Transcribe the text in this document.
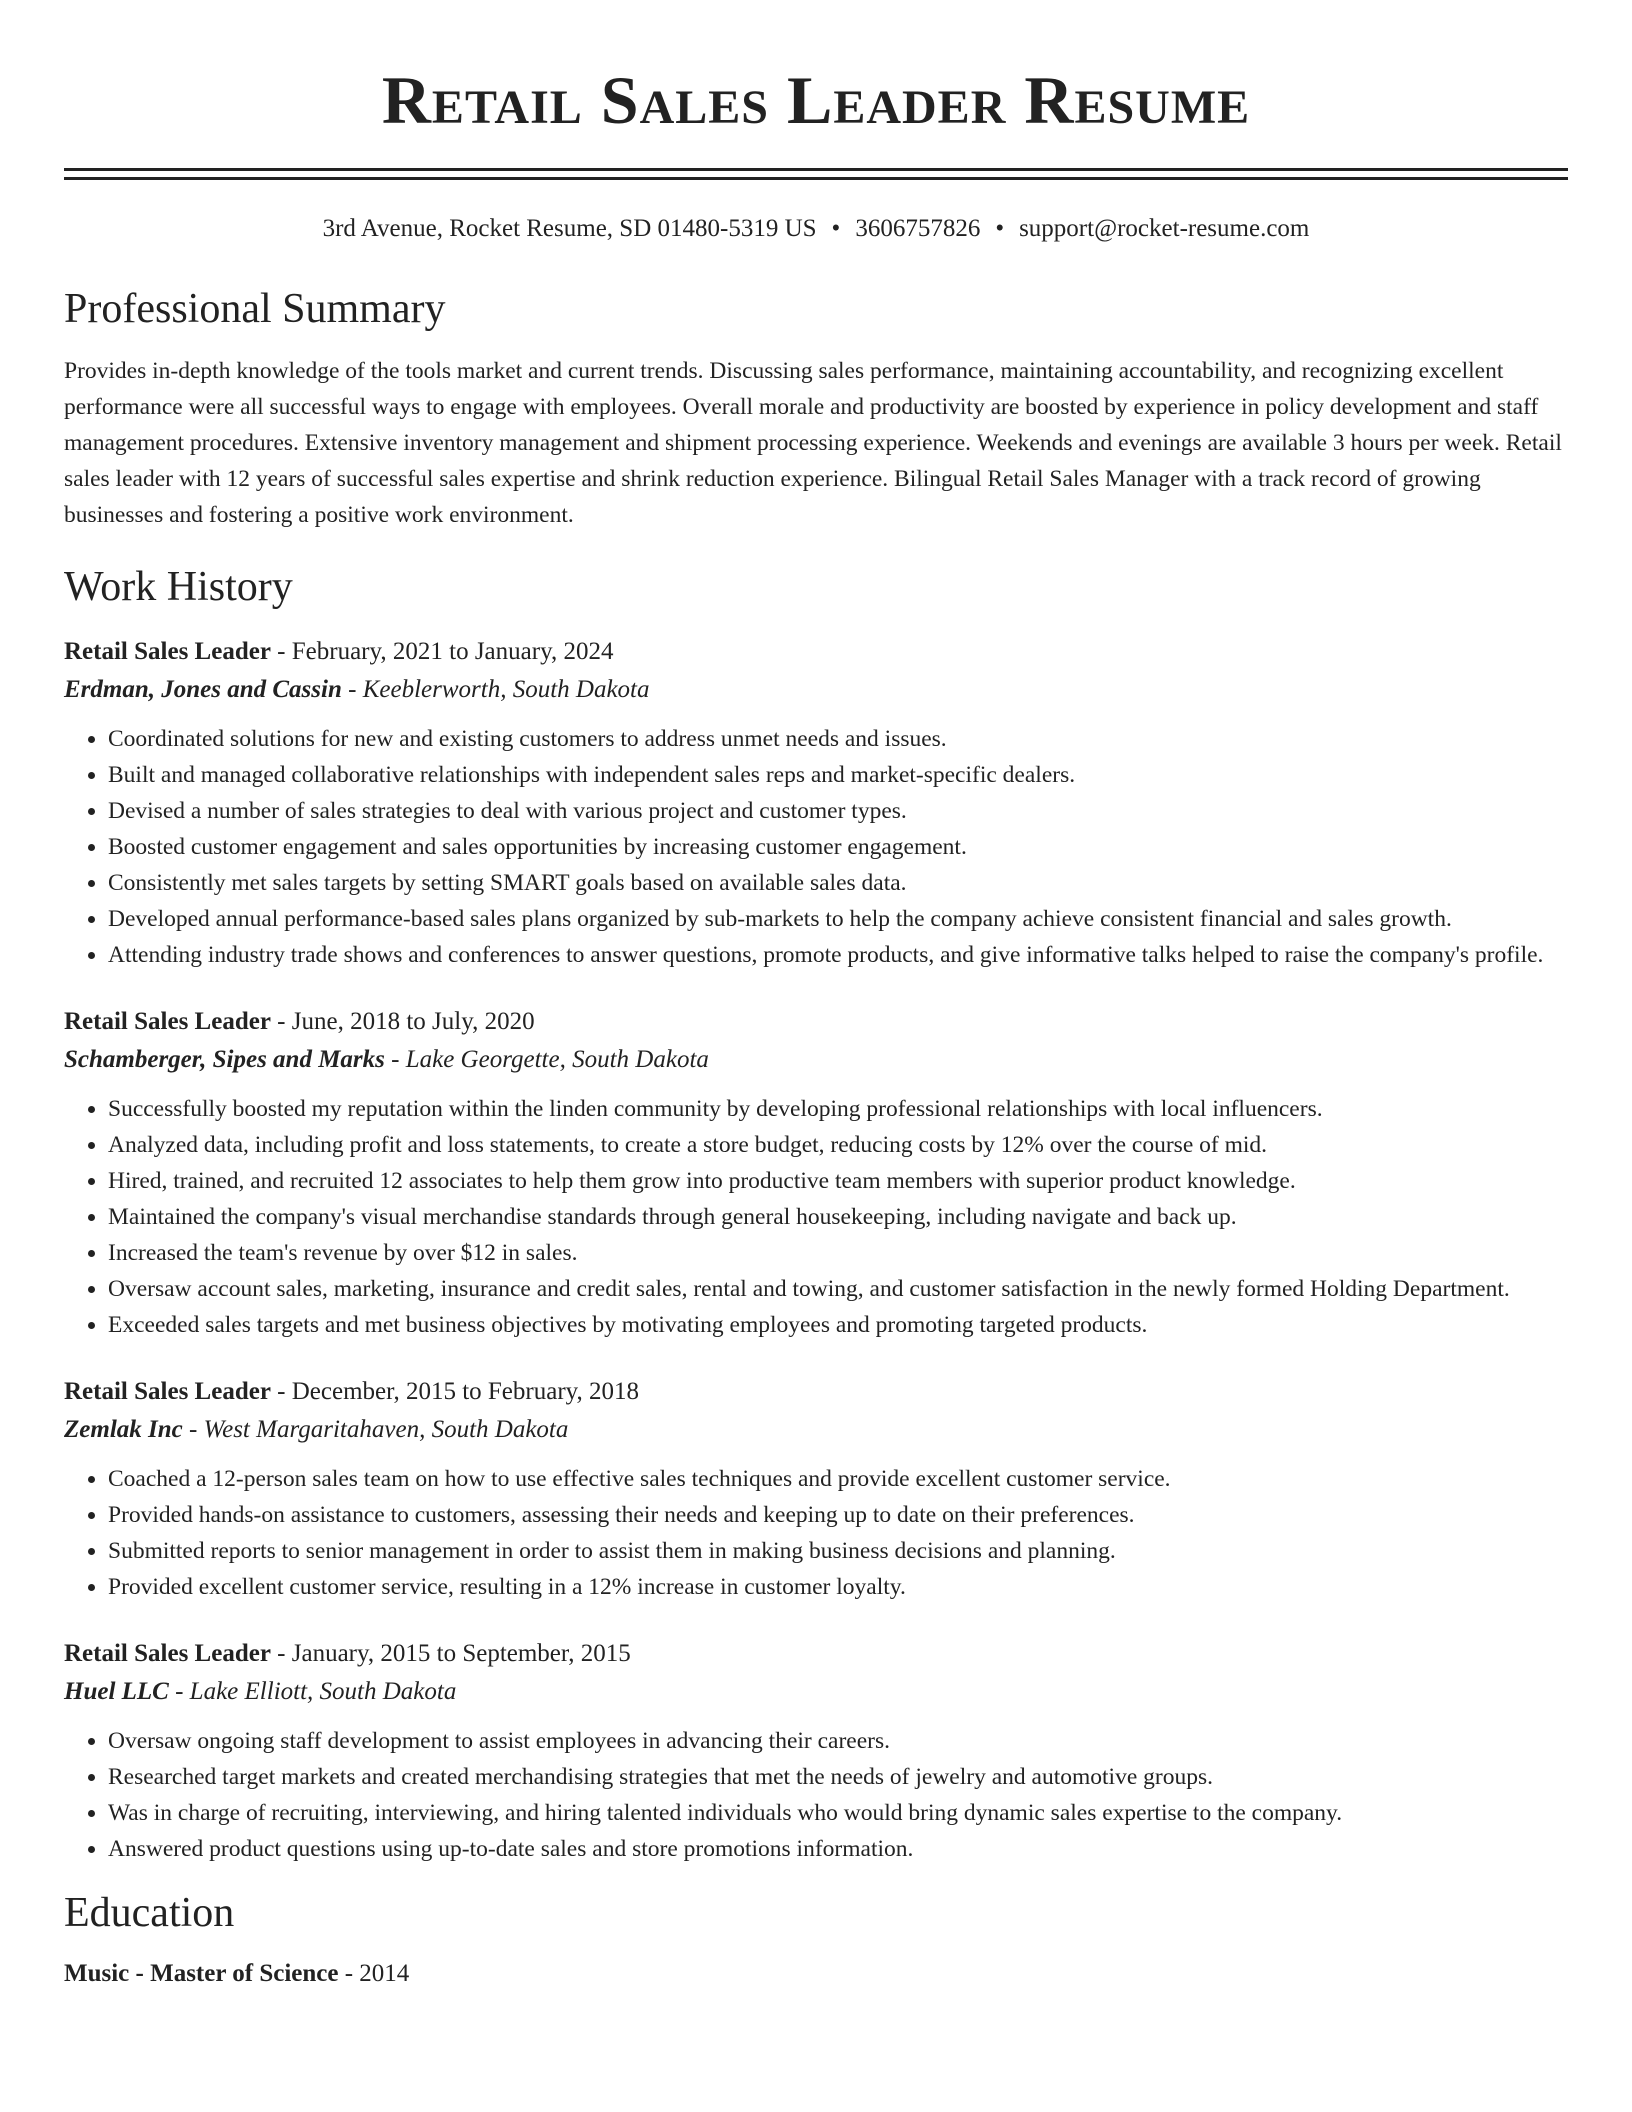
Retail Sales Leader Resume
3rd Avenue, Rocket Resume, SD 01480-5319 US • 3606757826 • support@rocket-resume.com
Professional Summary

Provides in-depth knowledge of the tools market and current trends. Discussing sales performance, maintaining accountability, and recognizing excellent performance were all successful ways to engage with employees. Overall morale and productivity are boosted by experience in policy development and staff management procedures. Extensive inventory management and shipment processing experience. Weekends and evenings are available 3 hours per week. Retail sales leader with 12 years of successful sales expertise and shrink reduction experience. Bilingual Retail Sales Manager with a track record of growing businesses and fostering a positive work environment.

Work History
Retail Sales Leader - February, 2021 to January, 2024
Erdman, Jones and Cassin - Keeblerworth, South Dakota
• Coordinated solutions for new and existing customers to address unmet needs and issues.
• Built and managed collaborative relationships with independent sales reps and market-specific dealers.
• Devised a number of sales strategies to deal with various project and customer types.
• Boosted customer engagement and sales opportunities by increasing customer engagement.
• Consistently met sales targets by setting SMART goals based on available sales data.
• Developed annual performance-based sales plans organized by sub-markets to help the company achieve consistent financial and sales growth.
• Attending industry trade shows and conferences to answer questions, promote products, and give informative talks helped to raise the company's profile.
Retail Sales Leader - June, 2018 to July, 2020
Schamberger, Sipes and Marks - Lake Georgette, South Dakota
• Successfully boosted my reputation within the linden community by developing professional relationships with local influencers.
• Analyzed data, including profit and loss statements, to create a store budget, reducing costs by 12% over the course of mid.
• Hired, trained, and recruited 12 associates to help them grow into productive team members with superior product knowledge.
• Maintained the company's visual merchandise standards through general housekeeping, including navigate and back up.
• Increased the team's revenue by over $12 in sales.
• Oversaw account sales, marketing, insurance and credit sales, rental and towing, and customer satisfaction in the newly formed Holding Department.
• Exceeded sales targets and met business objectives by motivating employees and promoting targeted products.
Retail Sales Leader - December, 2015 to February, 2018
Zemlak Inc - West Margaritahaven, South Dakota
• Coached a 12-person sales team on how to use effective sales techniques and provide excellent customer service.
• Provided hands-on assistance to customers, assessing their needs and keeping up to date on their preferences.
• Submitted reports to senior management in order to assist them in making business decisions and planning.
• Provided excellent customer service, resulting in a 12% increase in customer loyalty.
Retail Sales Leader - January, 2015 to September, 2015
Huel LLC - Lake Elliott, South Dakota
• Oversaw ongoing staff development to assist employees in advancing their careers.
• Researched target markets and created merchandising strategies that met the needs of jewelry and automotive groups.
• Was in charge of recruiting, interviewing, and hiring talented individuals who would bring dynamic sales expertise to the company.
• Answered product questions using up-to-date sales and store promotions information.
Education
Music - Master of Science - 2014
